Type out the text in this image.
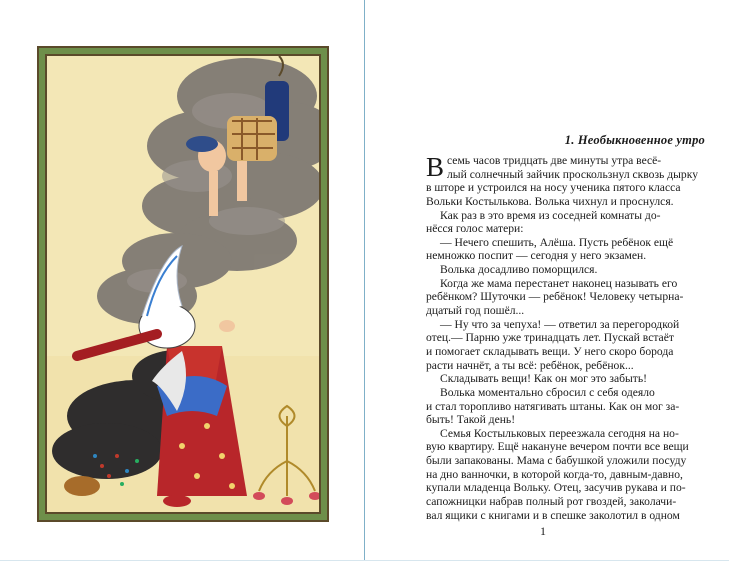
1. Необыкновенное утро
В семь часов тридцать две минуты утра весё-
лый солнечный зайчик проскользнул сквозь дырку
в шторе и устроился на носу ученика пятого класса
Вольки Костылькова. Волька чихнул и проснулся.
Как раз в это время из соседней комнаты до-
нёсся голос матери:
— Нечего спешить, Алёша. Пусть ребёнок ещё
немножко поспит — сегодня у него экзамен.
Волька досадливо поморщился.
Когда же мама перестанет наконец называть его
ребёнком? Шуточки — ребёнок! Человеку четырна-
дцатый год пошёл...
— Ну что за чепуха! — ответил за перегородкой
отец.— Парню уже тринадцать лет. Пускай встаёт
и помогает складывать вещи. У него скоро борода
расти начнёт, а ты всё: ребёнок, ребёнок...
Складывать вещи! Как он мог это забыть!
Волька моментально сбросил с себя одеяло
и стал торопливо натягивать штаны. Как он мог за-
быть! Такой день!
Семья Костыльковых переезжала сегодня на но-
вую квартиру. Ещё накануне вечером почти все вещи
были запакованы. Мама с бабушкой уложили посуду
на дно ванночки, в которой когда-то, давным-давно,
купали младенца Вольку. Отец, засучив рукава и по-
сапожницки набрав полный рот гвоздей, заколачи-
вал ящики с книгами и в спешке заколотил в одном
1
